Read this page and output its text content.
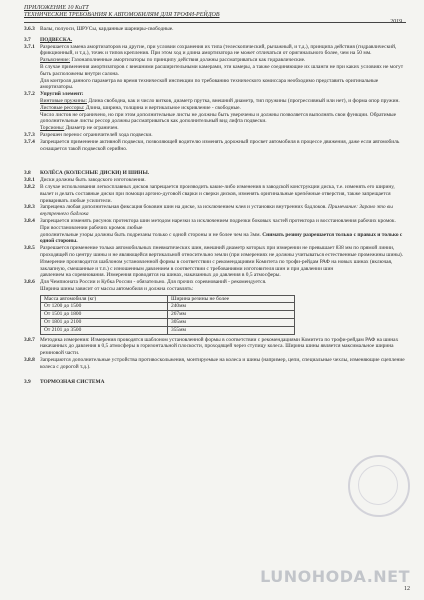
ПРИЛОЖЕНИЕ 10 КиТТ
ТЕХНИЧЕСКИЕ ТРЕБОВАНИЯ К АВТОМОБИЛЯМ ДЛЯ ТРОФИ-РЕЙДОВ
3.6.3 Валы, полуоси, ШРУСы, карданные шарниры-свободные.
3.7	ПОДВЕСКА.
3.7.1 Разрешается замена амортизаторов на другие, при условии сохранения их типа (телескопический, рычажный, и т.д.), принципа действия (гидравлический, фрикционный, и т.д.), точек и типов крепления. При этом ход и длина амортизатора не может отличаться от оригинального более, чем на 50 мм.
Разъяснение: Газонаполненные амортизаторы по принципу действия должны рассматриваться как гидравлические.
В случае применения амортизаторов с внешними расширительными камерами, эти камеры, а также соединяющие их шланги не при каких условиях не могут быть расположены внутри салона.
Для контроля данного параметра во время технической инспекции по требованию технического комиссара необходимо представить оригинальные амортизаторы.
3.7.2 Упругий элемент:
Винтовые пружины: Длина свободна, как и число витков, диаметр прутка, внешний диаметр, тип пружины (прогрессивный или нет), и форма опор пружин.
Листовые рессоры: Длина, ширина, толщина и вертикальное искривление - свободные.
Число листов не ограничено, но при этом дополнительные листы не должны быть уверочены и должны позволяется выполнять свои функции. Обратимые дополнительные листы рессор должны рассматриваться как дополнительный вид лифта подвески.
Торсионы: Диаметр не ограничен.
3.7.3 Разрешен перенос ограничителей хода подвески.
3.7.4 Запрещается применение активной подвески, позволяющей водителю изменять дорожный просвет автомобиля в процессе движения, даже если автомобиль оснащается такой подвеской серийно.
3.8	КОЛЁСА (КОЛЕСНЫЕ ДИСКИ) И ШИНЫ.
3.8.1 Диски должны быть заводского изготовления.
3.8.2 В случае использования легкосплавных дисков запрещается производить какие-либо изменения в заводской конструкции диска, т.е. изменять его ширину, вылет и делать составные диски при помощи аргоно-дуговой сварки и сверки дисков, изменять оригинальные крепёжные отверстия, также запрещается приваривать любые усилители.
3.8.3 Запрещена любая дополнительная фиксация боковин шин на диске, за исключением клея и установки внутренних бадлоков. Примечание: Зарано это вы внутреннего бадлока
3.8.4 Запрещается изменять рисунок протектора шин методом нарезки за исключением подрезки боковых частей протектора и восстановления рабочих кромок. При восстановлении рабочих кромок любые
дополнительные узоры должны быть подрезаны только с одной стороны и не более чем на 3мм. Снимать резину разрешается только с правых и только с одной стороны.
3.8.5 Разрешается применение только автомобильных пневматических шин, внешний диаметр которых при измерении не превышает 838 мм по прямой линии, проходящей по центру шины и не являющейся вертикальной относительно земли (при измерениях не должны учитываться естественные промежины шины). Измерение производится шаблоном установленной формы в соответствии с рекомендациями Комитета по трофи-рейдам РАФ на новых шинах (включая, заклапную, смешанные и т.п.) с изношенным давлением в соответствии с требованиями изготовителя шин и при давлении шин
давлением на соревнования. Измерения проводятся на шинах, накачанных до давления в 0,5 атмосферы.
3.8.6 Для Чемпионата России и Кубка России - обязательно. Для прочих соревнований - рекомендуется.
Ширина шины зависит от массы автомобиля и должна составлять:
Масса автомобиля (кг)	Ширина резины не более
От 1200 до 1500	240мм
От 1501 до 1800	267мм
От 1801 до 2100	305мм
От 2101 до 3500	355мм
3.8.7 Методика измерения: Измерения проводятся шаблоном установленной формы в соответствии с рекомендациями Комитета по трофи-рейдам РАФ на шинах накачанных до давления в 0,5 атмосферы в горизонтальной плоскости, проходящей через ступицу колеса. Ширина шины является максимальное ширина резиновой части.
3.8.8 Запрещаются дополнительные устройства противоскольжения, монтируемые на колеса и шины (например, цепи, специальные чехлы, изменяющие сцепление колеса с дорогой т.д.).
3.9	ТОРМОЗНАЯ СИСТЕМА
LUNOHODA.NET
12
